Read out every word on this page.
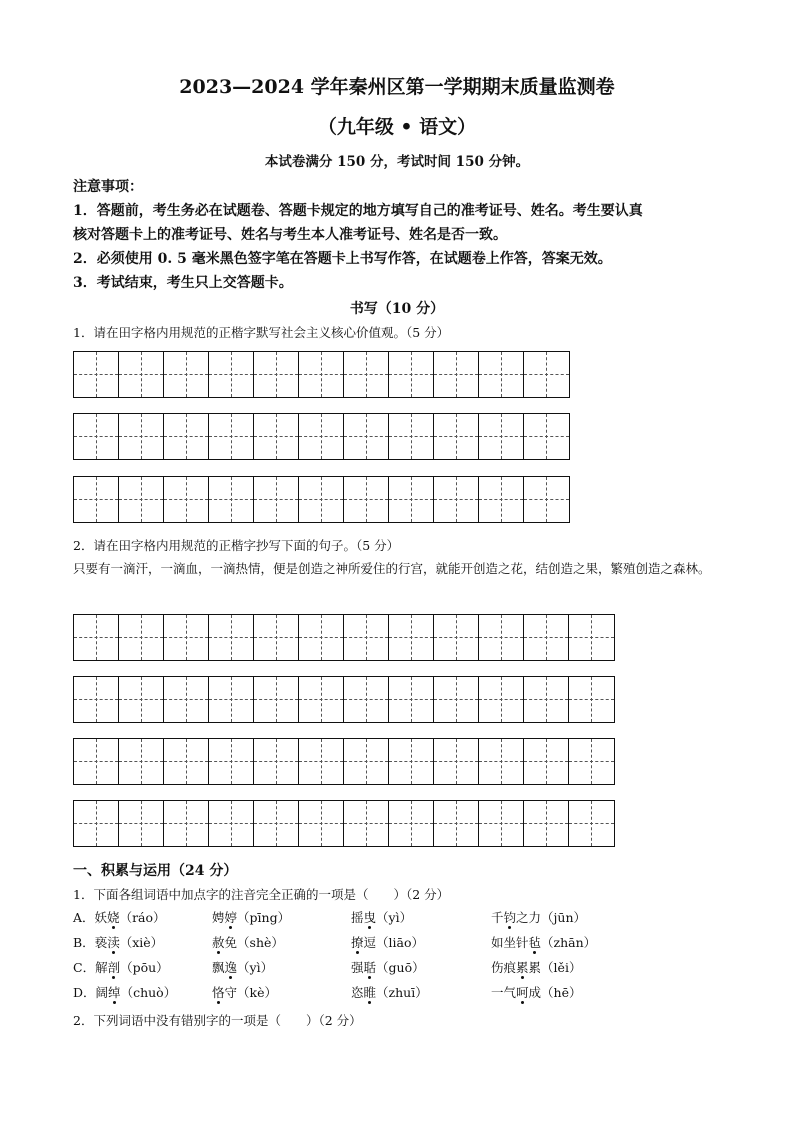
2023—2024 学年秦州区第一学期期末质量监测卷
（九年级 • 语文）
本试卷满分 150 分，考试时间 150 分钟。
注意事项：
1．答题前，考生务必在试题卷、答题卡规定的地方填写自己的准考证号、姓名。考生要认真
核对答题卡上的准考证号、姓名与考生本人准考证号、姓名是否一致。
2．必须使用 0. 5 毫米黑色签字笔在答题卡上书写作答，在试题卷上作答，答案无效。
3．考试结束，考生只上交答题卡。
书写（10 分）
1．请在田字格内用规范的正楷字默写社会主义核心价值观。（5 分）
2．请在田字格内用规范的正楷字抄写下面的句子。（5 分）
只要有一滴汗，一滴血，一滴热情，便是创造之神所爱住的行宫，就能开创造之花，结创造之果，繁殖创造之森林。
一、积累与运用（24 分）
1．下面各组词语中加点字的注音完全正确的一项是（　　）（2 分）
A．妖娆（ráo）	娉婷（pīng）	摇曳（yì）	千钧之力（jūn）
B．亵渎（xiè）	赦免（shè）	撩逗（liāo）	如坐针毡（zhān）
C．解剖（pōu）	飘逸（yì）	强聒（guō）	伤痕累累（lěi）
D．阔绰（chuò）	恪守（kè）	恣睢（zhuī）	一气呵成（hē）
2．下列词语中没有错别字的一项是（　　）（2 分）
